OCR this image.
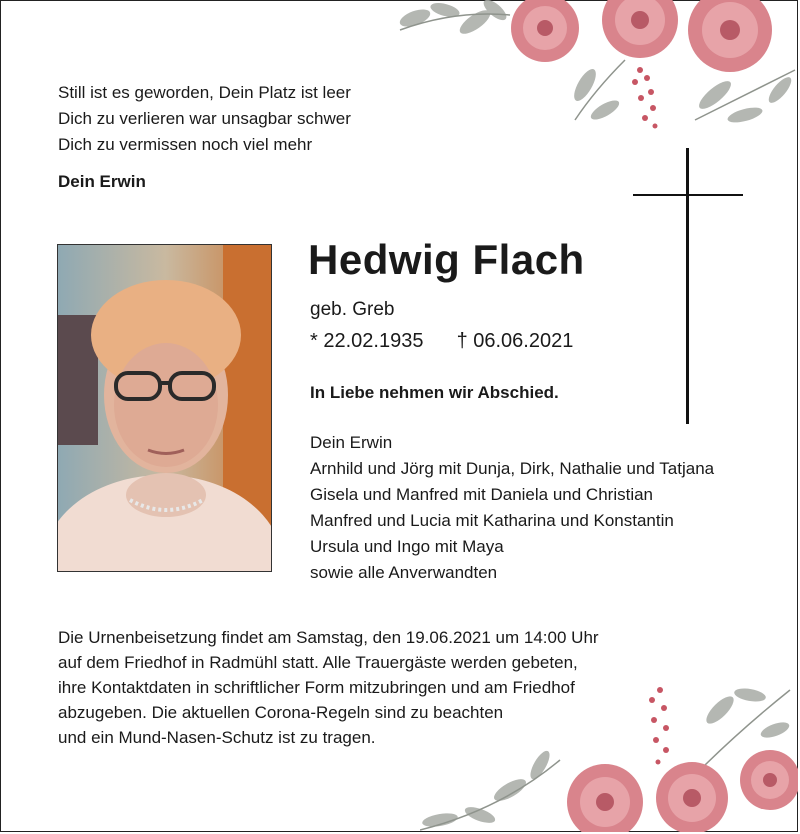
Still ist es geworden, Dein Platz ist leer
Dich zu verlieren war unsagbar schwer
Dich zu vermissen noch viel mehr
Dein Erwin
Hedwig Flach
geb. Greb
* 22.02.1935 † 06.06.2021
In Liebe nehmen wir Abschied.
Dein Erwin
Arnhild und Jörg mit Dunja, Dirk, Nathalie und Tatjana
Gisela und Manfred mit Daniela und Christian
Manfred und Lucia mit Katharina und Konstantin
Ursula und Ingo mit Maya
sowie alle Anverwandten
Die Urnenbeisetzung findet am Samstag, den 19.06.2021 um 14:00 Uhr
auf dem Friedhof in Radmühl statt. Alle Trauergäste werden gebeten,
ihre Kontaktdaten in schriftlicher Form mitzubringen und am Friedhof
abzugeben. Die aktuellen Corona-Regeln sind zu beachten
und ein Mund-Nasen-Schutz ist zu tragen.
